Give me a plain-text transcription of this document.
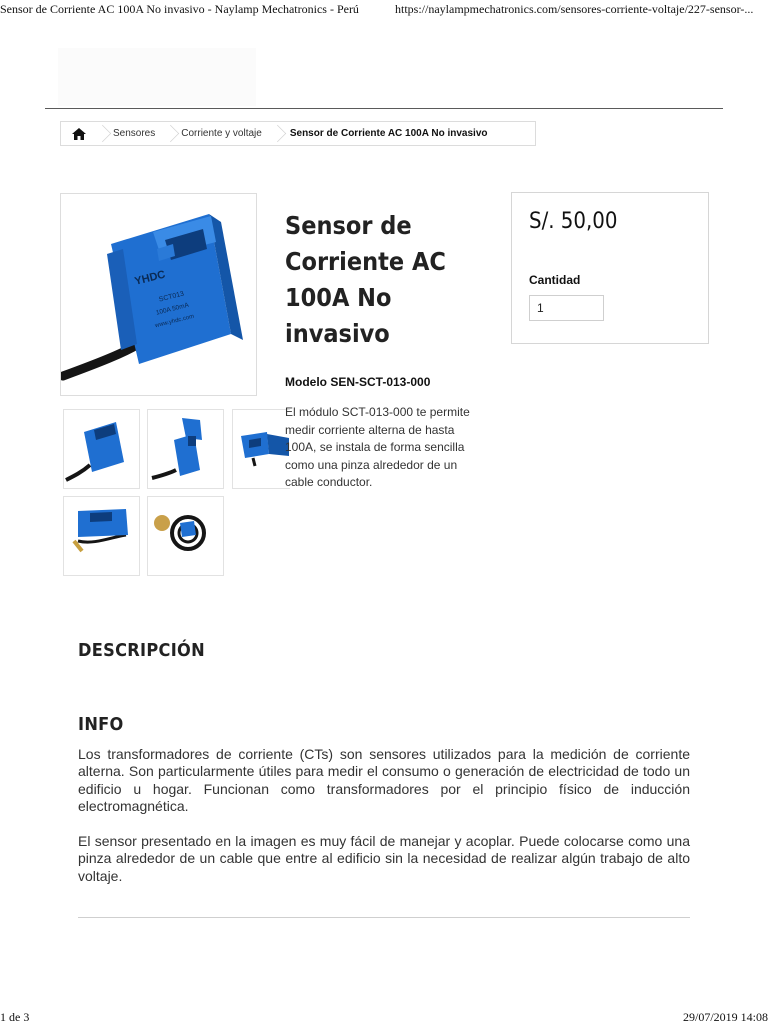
Sensor de Corriente AC 100A No invasivo - Naylamp Mechatronics - Perú	https://naylampmechatronics.com/sensores-corriente-voltaje/227-sensor-...
Sensores	Corriente y voltaje	Sensor de Corriente AC 100A No invasivo
YHDC
SCT013
100A 50mA
www.yhdc.com
Sensor de Corriente AC 100A No invasivo
Modelo SEN-SCT-013-000

El módulo SCT-013-000 te permite medir corriente alterna de hasta 100A, se instala de forma sencilla como una pinza alrededor de un cable conductor.

S/. 50,00
Cantidad
1
DESCRIPCIÓN
INFO

Los transformadores de corriente (CTs) son sensores utilizados para la medición de corriente alterna. Son particularmente útiles para medir el consumo o generación de electricidad de todo un edificio u hogar. Funcionan como transformadores por el principio físico de inducción electromagnética.

El sensor presentado en la imagen es muy fácil de manejar y acoplar. Puede colocarse como una pinza alrededor de un cable que entre al edificio sin la necesidad de realizar algún trabajo de alto voltaje.

1 de 3	29/07/2019 14:08
